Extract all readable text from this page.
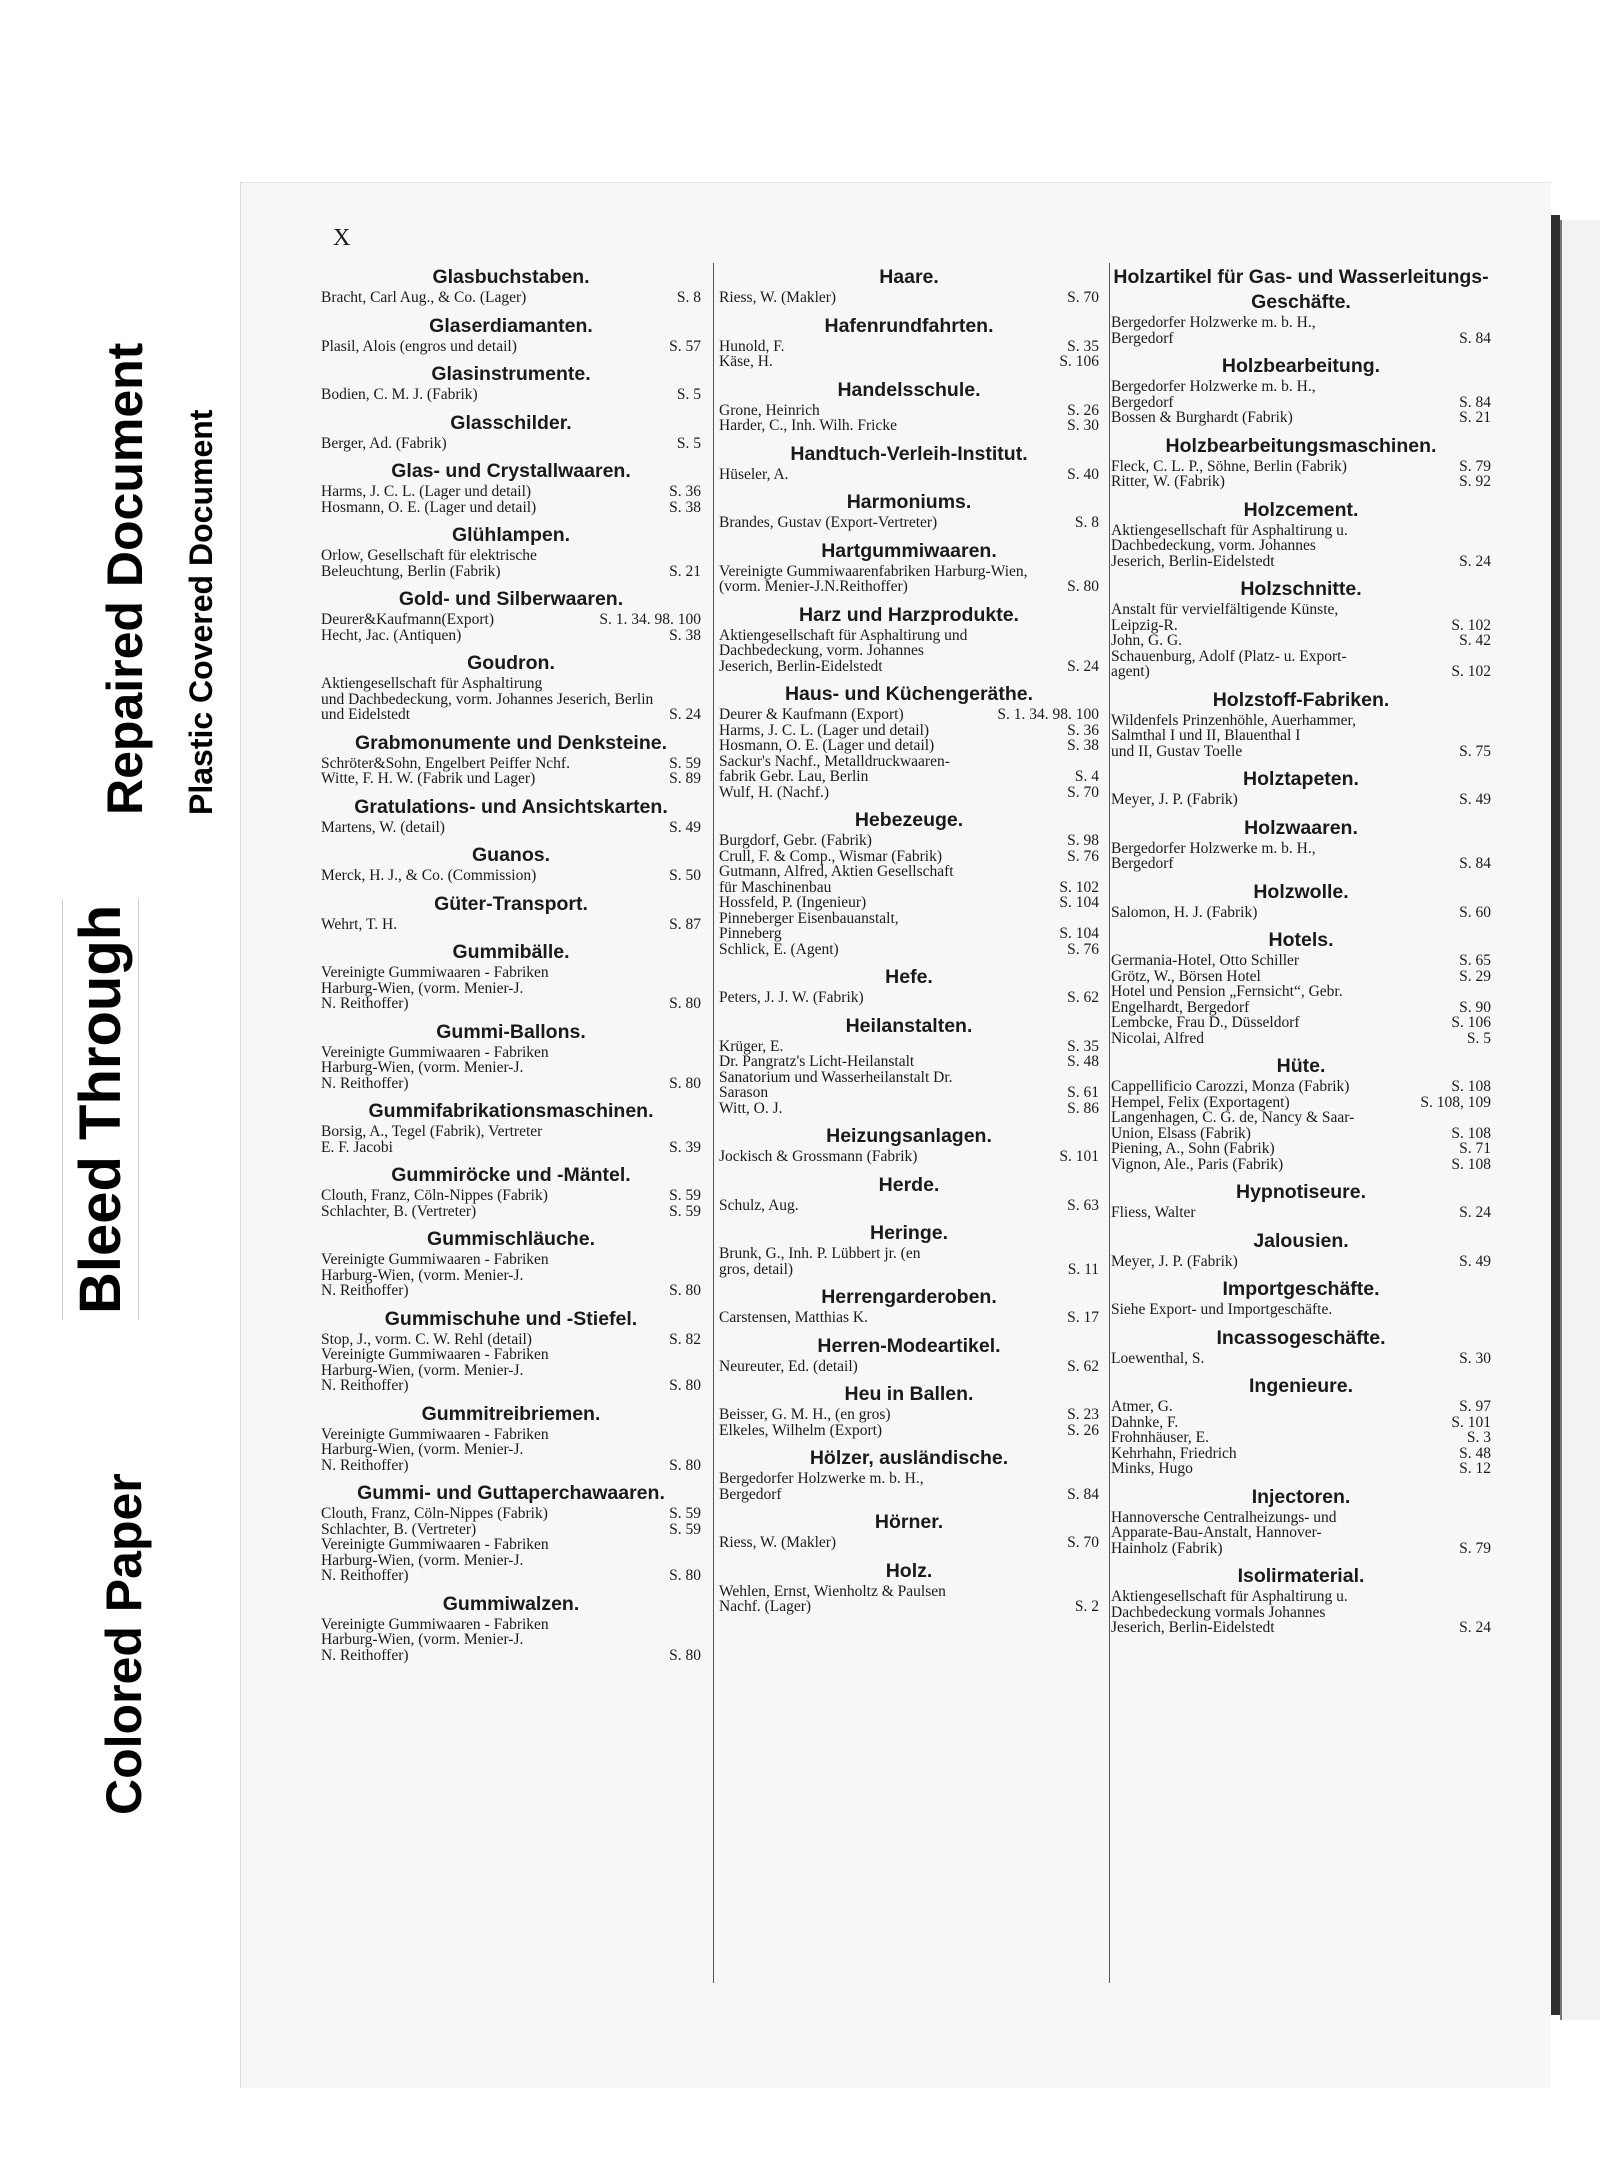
Colored Paper
Bleed Through
Repaired Document Plastic Covered Document
X
Glasbuchstaben.
Bracht, Carl Aug., & Co. (Lager)	S. 8
Glaserdiamanten.
Plasil, Alois (engros und detail)	S. 57
Glasinstrumente.
Bodien, C. M. J. (Fabrik)	S. 5
Glasschilder.
Berger, Ad. (Fabrik)	S. 5
Glas- und Crystallwaaren.
Harms, J. C. L. (Lager und detail)	S. 36
Hosmann, O. E. (Lager und detail)	S. 38
Glühlampen.
Orlow, Gesellschaft für elektrische
Beleuchtung, Berlin (Fabrik)	S. 21
Gold- und Silberwaaren.
Deurer&Kaufmann(Export)	S. 1. 34. 98. 100
Hecht, Jac. (Antiquen)	S. 38
Goudron.
Aktiengesellschaft für Asphaltirung
und Dachbedeckung, vorm. Johannes Jeserich, Berlin und Eidelstedt	S. 24
Grabmonumente und Denksteine.
Schröter&Sohn, Engelbert Peiffer Nchf.	S. 59
Witte, F. H. W. (Fabrik und Lager)	S. 89
Gratulations- und Ansichtskarten.
Martens, W. (detail)	S. 49
Guanos.
Merck, H. J., & Co. (Commission)	S. 50
Güter-Transport.
Wehrt, T. H.	S. 87
Gummibälle.
Vereinigte Gummiwaaren - Fabriken
Harburg-Wien, (vorm. Menier-J.
N. Reithoffer)	S. 80
Gummi-Ballons.
Vereinigte Gummiwaaren - Fabriken
Harburg-Wien, (vorm. Menier-J.
N. Reithoffer)	S. 80
Gummifabrikationsmaschinen.
Borsig, A., Tegel (Fabrik), Vertreter
E. F. Jacobi	S. 39
Gummiröcke und -Mäntel.
Clouth, Franz, Cöln-Nippes (Fabrik)	S. 59
Schlachter, B. (Vertreter)	S. 59
Gummischläuche.
Vereinigte Gummiwaaren - Fabriken
Harburg-Wien, (vorm. Menier-J.
N. Reithoffer)	S. 80
Gummischuhe und -Stiefel.
Stop, J., vorm. C. W. Rehl (detail)	S. 82
Vereinigte Gummiwaaren - Fabriken
Harburg-Wien, (vorm. Menier-J.
N. Reithoffer)	S. 80
Gummitreibriemen.
Vereinigte Gummiwaaren - Fabriken
Harburg-Wien, (vorm. Menier-J.
N. Reithoffer)	S. 80
Gummi- und Guttaperchawaaren.
Clouth, Franz, Cöln-Nippes (Fabrik)	S. 59
Schlachter, B. (Vertreter)	S. 59
Vereinigte Gummiwaaren - Fabriken
Harburg-Wien, (vorm. Menier-J.
N. Reithoffer)	S. 80
Gummiwalzen.
Vereinigte Gummiwaaren - Fabriken
Harburg-Wien, (vorm. Menier-J.
N. Reithoffer)	S. 80
Haare.
Riess, W. (Makler)	S. 70
Hafenrundfahrten.
Hunold, F.	S. 35
Käse, H.	S. 106
Handelsschule.
Grone, Heinrich	S. 26
Harder, C., Inh. Wilh. Fricke	S. 30
Handtuch-Verleih-Institut.
Hüseler, A.	S. 40
Harmoniums.
Brandes, Gustav (Export-Vertreter)	S. 8
Hartgummiwaaren.
Vereinigte Gummiwaarenfabriken Harburg-Wien, (vorm. Menier-J.N.Reithoffer)	S. 80
Harz und Harzprodukte.
Aktiengesellschaft für Asphaltirung und
Dachbedeckung, vorm. Johannes
Jeserich, Berlin-Eidelstedt	S. 24
Haus- und Küchengeräthe.
Deurer & Kaufmann (Export)	S. 1. 34. 98. 100
Harms, J. C. L. (Lager und detail)	S. 36
Hosmann, O. E. (Lager und detail)	S. 38
Sackur's Nachf., Metalldruckwaaren-
fabrik Gebr. Lau, Berlin	S. 4
Wulf, H. (Nachf.)	S. 70
Hebezeuge.
Burgdorf, Gebr. (Fabrik)	S. 98
Crull, F. & Comp., Wismar (Fabrik)	S. 76
Gutmann, Alfred, Aktien Gesellschaft
für Maschinenbau	S. 102
Hossfeld, P. (Ingenieur)	S. 104
Pinneberger Eisenbauanstalt,
Pinneberg	S. 104
Schlick, E. (Agent)	S. 76
Hefe.
Peters, J. J. W. (Fabrik)	S. 62
Heilanstalten.
Krüger, E.	S. 35
Dr. Pangratz's Licht-Heilanstalt	S. 48
Sanatorium und Wasserheilanstalt Dr.
Sarason	S. 61
Witt, O. J.	S. 86
Heizungsanlagen.
Jockisch & Grossmann (Fabrik)	S. 101
Herde.
Schulz, Aug.	S. 63
Heringe.
Brunk, G., Inh. P. Lübbert jr. (en
gros, detail)	S. 11
Herrengarderoben.
Carstensen, Matthias K.	S. 17
Herren-Modeartikel.
Neureuter, Ed. (detail)	S. 62
Heu in Ballen.
Beisser, G. M. H., (en gros)	S. 23
Elkeles, Wilhelm (Export)	S. 26
Hölzer, ausländische.
Bergedorfer Holzwerke m. b. H.,
Bergedorf	S. 84
Hörner.
Riess, W. (Makler)	S. 70
Holz.
Wehlen, Ernst, Wienholtz & Paulsen
Nachf. (Lager)	S. 2
Holzartikel für Gas- und Wasserleitungs-Geschäfte.
Bergedorfer Holzwerke m. b. H.,
Bergedorf	S. 84
Holzbearbeitung.
Bergedorfer Holzwerke m. b. H.,
Bergedorf	S. 84
Bossen & Burghardt (Fabrik)	S. 21
Holzbearbeitungsmaschinen.
Fleck, C. L. P., Söhne, Berlin (Fabrik)	S. 79
Ritter, W. (Fabrik)	S. 92
Holzcement.
Aktiengesellschaft für Asphaltirung u.
Dachbedeckung, vorm. Johannes
Jeserich, Berlin-Eidelstedt	S. 24
Holzschnitte.
Anstalt für vervielfältigende Künste,
Leipzig-R.	S. 102
John, G. G.	S. 42
Schauenburg, Adolf (Platz- u. Export-
agent)	S. 102
Holzstoff-Fabriken.
Wildenfels Prinzenhöhle, Auerhammer,
Salmthal I und II, Blauenthal I
und II, Gustav Toelle	S. 75
Holztapeten.
Meyer, J. P. (Fabrik)	S. 49
Holzwaaren.
Bergedorfer Holzwerke m. b. H.,
Bergedorf	S. 84
Holzwolle.
Salomon, H. J. (Fabrik)	S. 60
Hotels.
Germania-Hotel, Otto Schiller	S. 65
Grötz, W., Börsen Hotel	S. 29
Hotel und Pension „Fernsicht“, Gebr.
Engelhardt, Bergedorf	S. 90
Lembcke, Frau D., Düsseldorf	S. 106
Nicolai, Alfred	S. 5
Hüte.
Cappellificio Carozzi, Monza (Fabrik)	S. 108
Hempel, Felix (Exportagent)	S. 108, 109
Langenhagen, C. G. de, Nancy & Saar-
Union, Elsass (Fabrik)	S. 108
Piening, A., Sohn (Fabrik)	S. 71
Vignon, Ale., Paris (Fabrik)	S. 108
Hypnotiseure.
Fliess, Walter	S. 24
Jalousien.
Meyer, J. P. (Fabrik)	S. 49
Importgeschäfte.
Siehe Export- und Importgeschäfte.
Incassogeschäfte.
Loewenthal, S.	S. 30
Ingenieure.
Atmer, G.	S. 97
Dahnke, F.	S. 101
Frohnhäuser, E.	S. 3
Kehrhahn, Friedrich	S. 48
Minks, Hugo	S. 12
Injectoren.
Hannoversche Centralheizungs- und
Apparate-Bau-Anstalt, Hannover-
Hainholz (Fabrik)	S. 79
Isolirmaterial.
Aktiengesellschaft für Asphaltirung u.
Dachbedeckung vormals Johannes
Jeserich, Berlin-Eidelstedt	S. 24
